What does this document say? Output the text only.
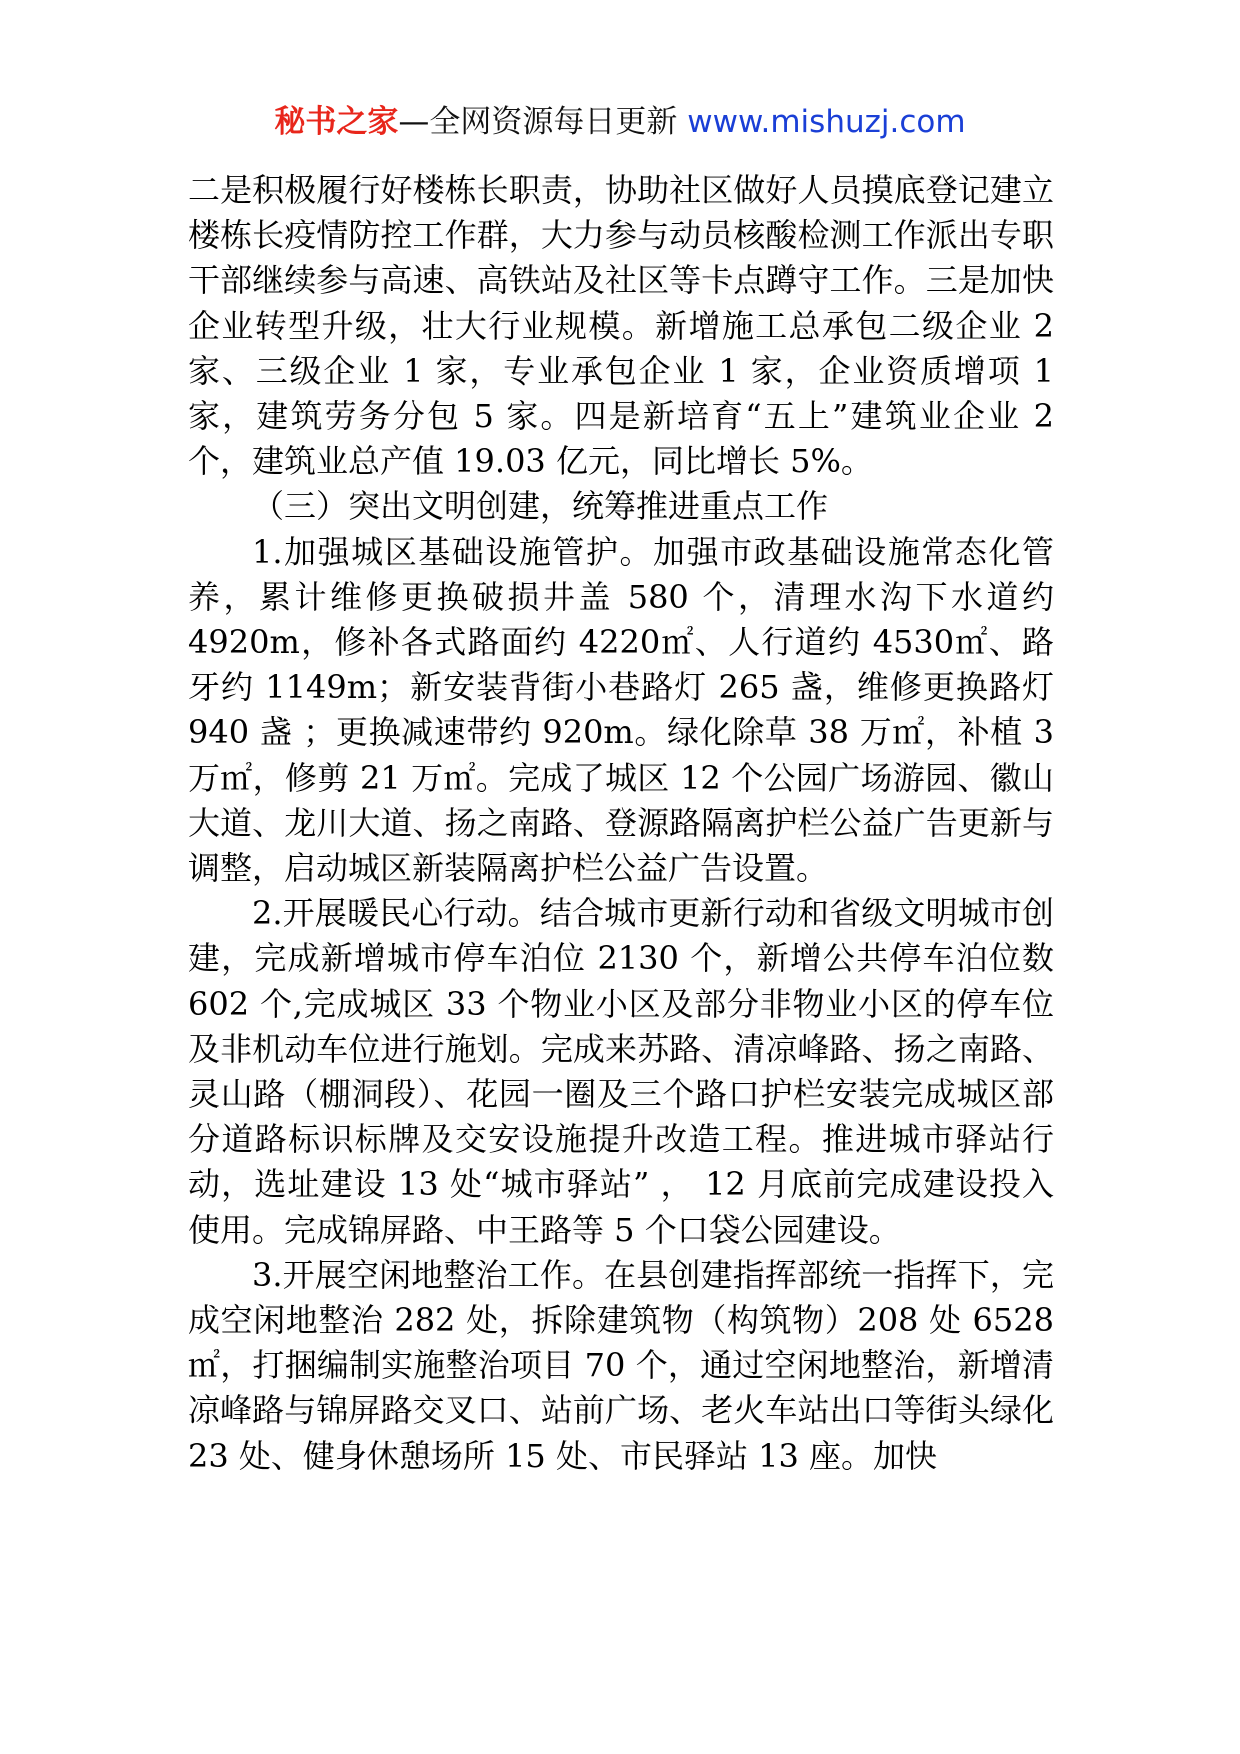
秘书之家—全网资源每日更新 www.mishuzj.com

二是积极履行好楼栋长职责，协助社区做好人员摸底登记建立楼栋长疫情防控工作群，大力参与动员核酸检测工作派出专职干部继续参与高速、高铁站及社区等卡点蹲守工作。三是加快企业转型升级，壮大行业规模。新增施工总承包二级企业 2 家、三级企业 1 家，专业承包企业 1 家，企业资质增项 1 家，建筑劳务分包 5 家。四是新培育“五上”建筑业企业 2 个，建筑业总产值 19.03 亿元，同比增长 5%。

（三）突出文明创建，统筹推进重点工作

1.加强城区基础设施管护。加强市政基础设施常态化管养，累计维修更换破损井盖 580 个，清理水沟下水道约 4920m，修补各式路面约 4220㎡、人行道约 4530㎡、路牙约 1149m；新安装背街小巷路灯 265 盏，维修更换路灯 940 盏 ；更换减速带约 920m。绿化除草 38 万㎡，补植 3 万㎡，修剪 21 万㎡。完成了城区 12 个公园广场游园、徽山大道、龙川大道、扬之南路、登源路隔离护栏公益广告更新与调整，启动城区新装隔离护栏公益广告设置。

2.开展暖民心行动。结合城市更新行动和省级文明城市创建，完成新增城市停车泊位 2130 个，新增公共停车泊位数 602 个,完成城区 33 个物业小区及部分非物业小区的停车位及非机动车位进行施划。完成来苏路、清凉峰路、扬之南路、灵山路（棚洞段）、花园一圈及三个路口护栏安装完成城区部分道路标识标牌及交安设施提升改造工程。推进城市驿站行动，选址建设 13 处“城市驿站” ， 12 月底前完成建设投入使用。完成锦屏路、中王路等 5 个口袋公园建设。

3.开展空闲地整治工作。在县创建指挥部统一指挥下，完成空闲地整治 282 处，拆除建筑物（构筑物）208 处 6528㎡，打捆编制实施整治项目 70 个，通过空闲地整治，新增清凉峰路与锦屏路交叉口、站前广场、老火车站出口等街头绿化 23 处、健身休憩场所 15 处、市民驿站 13 座。加快
